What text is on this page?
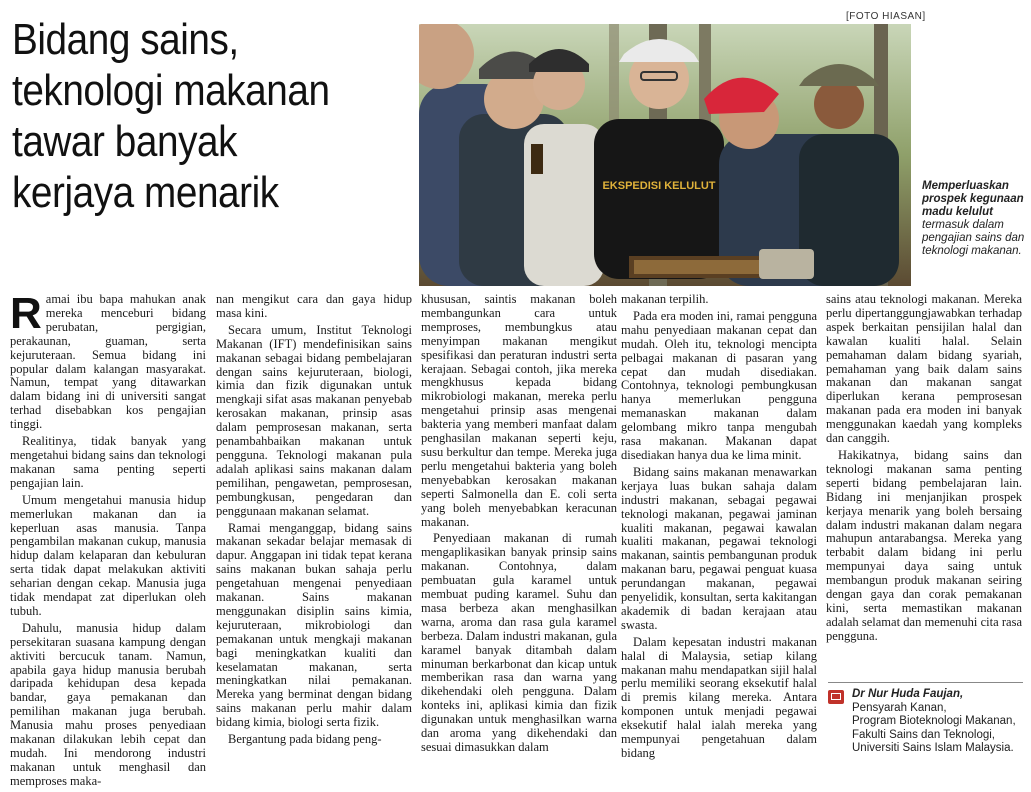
Bidang sains,
teknologi makanan
tawar banyak
kerjaya menarik
[FOTO HIASAN]
EKSPEDISI KELULUT	Memperluaskan prospek kegunaan madu kelulut
termasuk dalam pengajian sains dan teknologi makanan.

Ramai ibu bapa mahukan anak mereka menceburi bidang perubatan, pergigian, perakaunan, guaman, serta kejuruteraan. Semua bidang ini popular dalam kalangan masyarakat. Namun, tempat yang ditawarkan dalam bidang ini di universiti sangat terhad disebabkan kos pengajian tinggi.

Realitinya, tidak banyak yang mengetahui bidang sains dan teknologi makanan sama penting seperti pengajian lain.

Umum mengetahui manusia hidup memerlukan makanan dan ia keperluan asas manusia. Tanpa pengambilan makanan cukup, manusia hidup dalam kelaparan dan kebuluran serta tidak dapat melakukan aktiviti seharian dengan cekap. Manusia juga tidak mendapat zat diperlukan oleh tubuh.

Dahulu, manusia hidup dalam persekitaran suasana kampung dengan aktiviti bercucuk tanam. Namun, apabila gaya hidup manusia berubah daripada kehidupan desa kepada bandar, gaya pemakanan dan pemilihan makanan juga berubah. Manusia mahu proses penyediaan makanan dilakukan lebih cepat dan mudah. Ini mendorong industri makanan untuk menghasil dan memproses maka-

nan mengikut cara dan gaya hidup masa kini.

Secara umum, Institut Teknologi Makanan (IFT) mendefinisikan sains makanan sebagai bidang pembelajaran dengan sains kejuruteraan, biologi, kimia dan fizik digunakan untuk mengkaji sifat asas makanan penyebab kerosakan makanan, prinsip asas dalam pemprosesan makanan, serta penambahbaikan makanan untuk pengguna. Teknologi makanan pula adalah aplikasi sains makanan dalam pemilihan, pengawetan, pemprosesan, pembungkusan, pengedaran dan penggunaan makanan selamat.

Ramai menganggap, bidang sains makanan sekadar belajar memasak di dapur. Anggapan ini tidak tepat kerana sains makanan bukan sahaja perlu pengetahuan mengenai penyediaan makanan. Sains makanan menggunakan disiplin sains kimia, kejuruteraan, mikrobiologi dan pemakanan untuk mengkaji makanan bagi meningkatkan kualiti dan keselamatan makanan, serta meningkatkan nilai pemakanan. Mereka yang berminat dengan bidang sains makanan perlu mahir dalam bidang kimia, biologi serta fizik.

Bergantung pada bidang peng-

khususan, saintis makanan boleh membangunkan cara untuk memproses, membungkus atau menyimpan makanan mengikut spesifikasi dan peraturan industri serta kerajaan. Sebagai contoh, jika mereka mengkhusus kepada bidang mikrobiologi makanan, mereka perlu mengetahui prinsip asas mengenai bakteria yang memberi manfaat dalam penghasilan makanan seperti keju, susu berkultur dan tempe. Mereka juga perlu mengetahui bakteria yang boleh menyebabkan kerosakan makanan seperti Salmonella dan E. coli serta yang boleh menyebabkan keracunan makanan.

Penyediaan makanan di rumah mengaplikasikan banyak prinsip sains makanan. Contohnya, dalam pembuatan gula karamel untuk membuat puding karamel. Suhu dan masa berbeza akan menghasilkan warna, aroma dan rasa gula karamel berbeza. Dalam industri makanan, gula karamel banyak ditambah dalam minuman berkarbonat dan kicap untuk memberikan rasa dan warna yang dikehendaki oleh pengguna. Dalam konteks ini, aplikasi kimia dan fizik digunakan untuk menghasilkan warna dan aroma yang dikehendaki dan sesuai dimasukkan dalam

makanan terpilih.

Pada era moden ini, ramai pengguna mahu penyediaan makanan cepat dan mudah. Oleh itu, teknologi mencipta pelbagai makanan di pasaran yang cepat dan mudah disediakan. Contohnya, teknologi pembungkusan hanya memerlukan pengguna memanaskan makanan dalam gelombang mikro tanpa mengubah rasa makanan. Makanan dapat disediakan hanya dua ke lima minit.

Bidang sains makanan menawarkan kerjaya luas bukan sahaja dalam industri makanan, sebagai pegawai teknologi makanan, pegawai jaminan kualiti makanan, pegawai kawalan kualiti makanan, pegawai teknologi makanan, saintis pembangunan produk makanan baru, pegawai penguat kuasa perundangan makanan, pegawai penyelidik, konsultan, serta kakitangan akademik di badan kerajaan atau swasta.

Dalam kepesatan industri makanan halal di Malaysia, setiap kilang makanan mahu mendapatkan sijil halal perlu memiliki seorang eksekutif halal di premis kilang mereka. Antara komponen untuk menjadi pegawai eksekutif halal ialah mereka yang mempunyai pengetahuan dalam bidang

sains atau teknologi makanan. Mereka perlu dipertanggungjawabkan terhadap aspek berkaitan pensijilan halal dan kawalan kualiti halal. Selain pemahaman dalam bidang syariah, pemahaman yang baik dalam sains makanan dan makanan sangat diperlukan kerana pemprosesan makanan pada era moden ini banyak menggunakan kaedah yang kompleks dan canggih.

Hakikatnya, bidang sains dan teknologi makanan sama penting seperti bidang pembelajaran lain. Bidang ini menjanjikan prospek kerjaya menarik yang boleh bersaing dalam industri makanan dalam negara mahupun antarabangsa. Mereka yang terbabit dalam bidang ini perlu mempunyai daya saing untuk membangun produk makanan seiring dengan gaya dan corak pemakanan kini, serta memastikan makanan adalah selamat dan memenuhi cita rasa pengguna.

Dr Nur Huda Faujan,
Pensyarah Kanan,
Program Bioteknologi Makanan,
Fakulti Sains dan Teknologi,
Universiti Sains Islam Malaysia.
